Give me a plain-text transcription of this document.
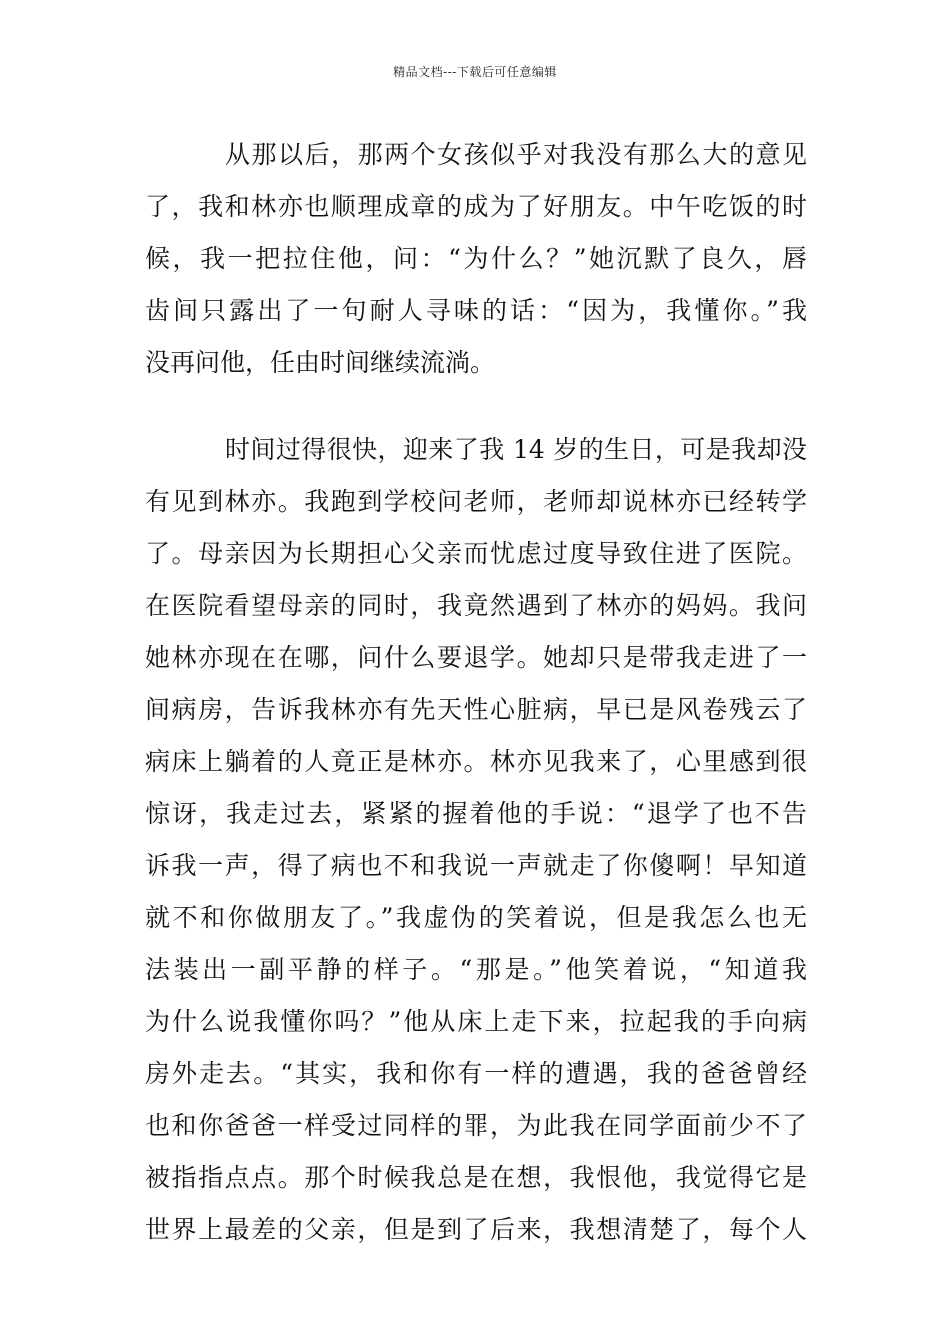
精品文档---下载后可任意编辑
从那以后，那两个女孩似乎对我没有那么大的意见
了，我和林亦也顺理成章的成为了好朋友。中午吃饭的时
候，我一把拉住他，问：“为什么？”她沉默了良久，唇
齿间只露出了一句耐人寻味的话：“因为，我懂你。”我
没再问他，任由时间继续流淌。
时间过得很快，迎来了我 14 岁的生日，可是我却没
有见到林亦。我跑到学校问老师，老师却说林亦已经转学
了。母亲因为长期担心父亲而忧虑过度导致住进了医院。
在医院看望母亲的同时，我竟然遇到了林亦的妈妈。我问
她林亦现在在哪，问什么要退学。她却只是带我走进了一
间病房，告诉我林亦有先天性心脏病，早已是风卷残云了
病床上躺着的人竟正是林亦。林亦见我来了，心里感到很
惊讶，我走过去，紧紧的握着他的手说：“退学了也不告
诉我一声，得了病也不和我说一声就走了你傻啊！早知道
就不和你做朋友了。”我虚伪的笑着说，但是我怎么也无
法装出一副平静的样子。“那是。”他笑着说，“知道我
为什么说我懂你吗？”他从床上走下来，拉起我的手向病
房外走去。“其实，我和你有一样的遭遇，我的爸爸曾经
也和你爸爸一样受过同样的罪，为此我在同学面前少不了
被指指点点。那个时候我总是在想，我恨他，我觉得它是
世界上最差的父亲，但是到了后来，我想清楚了，每个人
